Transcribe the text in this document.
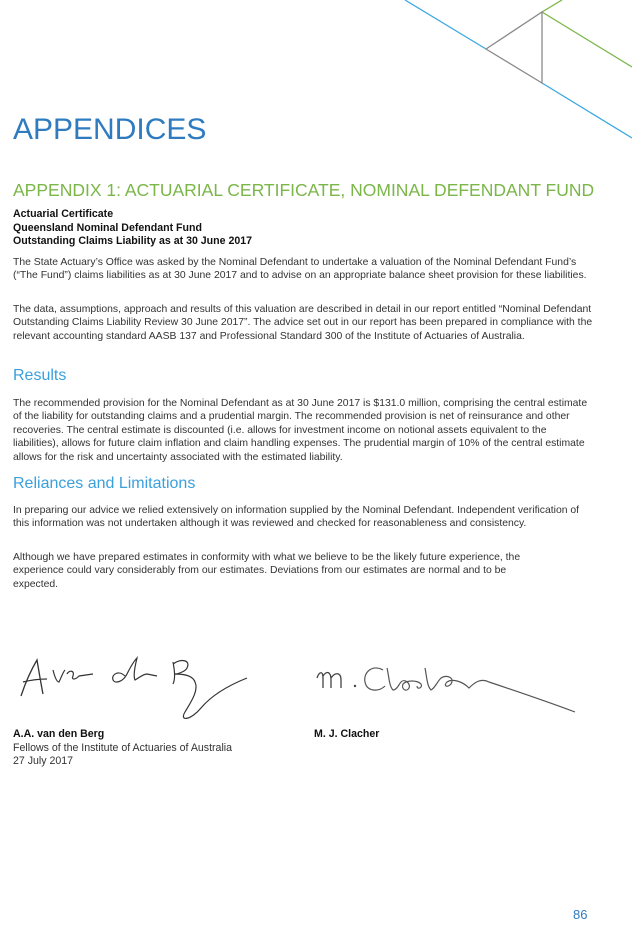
APPENDICES
APPENDIX 1: ACTUARIAL CERTIFICATE, NOMINAL DEFENDANT FUND
Actuarial Certificate
Queensland Nominal Defendant Fund
Outstanding Claims Liability as at 30 June 2017

The State Actuary’s Office was asked by the Nominal Defendant to undertake a valuation of the Nominal Defendant Fund’s (“The Fund”) claims liabilities as at 30 June 2017 and to advise on an appropriate balance sheet provision for these liabilities.

The data, assumptions, approach and results of this valuation are described in detail in our report entitled “Nominal Defendant Outstanding Claims Liability Review 30 June 2017”. The advice set out in our report has been prepared in compliance with the relevant accounting standard AASB 137 and Professional Standard 300 of the Institute of Actuaries of Australia.

Results

The recommended provision for the Nominal Defendant as at 30 June 2017 is $131.0 million, comprising the central estimate of the liability for outstanding claims and a prudential margin. The recommended provision is net of reinsurance and other recoveries. The central estimate is discounted (i.e. allows for investment income on notional assets equivalent to the liabilities), allows for future claim inflation and claim handling expenses. The prudential margin of 10% of the central estimate allows for the risk and uncertainty associated with the estimated liability.

Reliances and Limitations

In preparing our advice we relied extensively on information supplied by the Nominal Defendant. Independent verification of this information was not undertaken although it was reviewed and checked for reasonableness and consistency.

Although we have prepared estimates in conformity with what we believe to be the likely future experience, the experience could vary considerably from our estimates. Deviations from our estimates are normal and to be expected.

A.A. van den Berg
Fellows of the Institute of Actuaries of Australia
27 July 2017
M. J. Clacher
86
